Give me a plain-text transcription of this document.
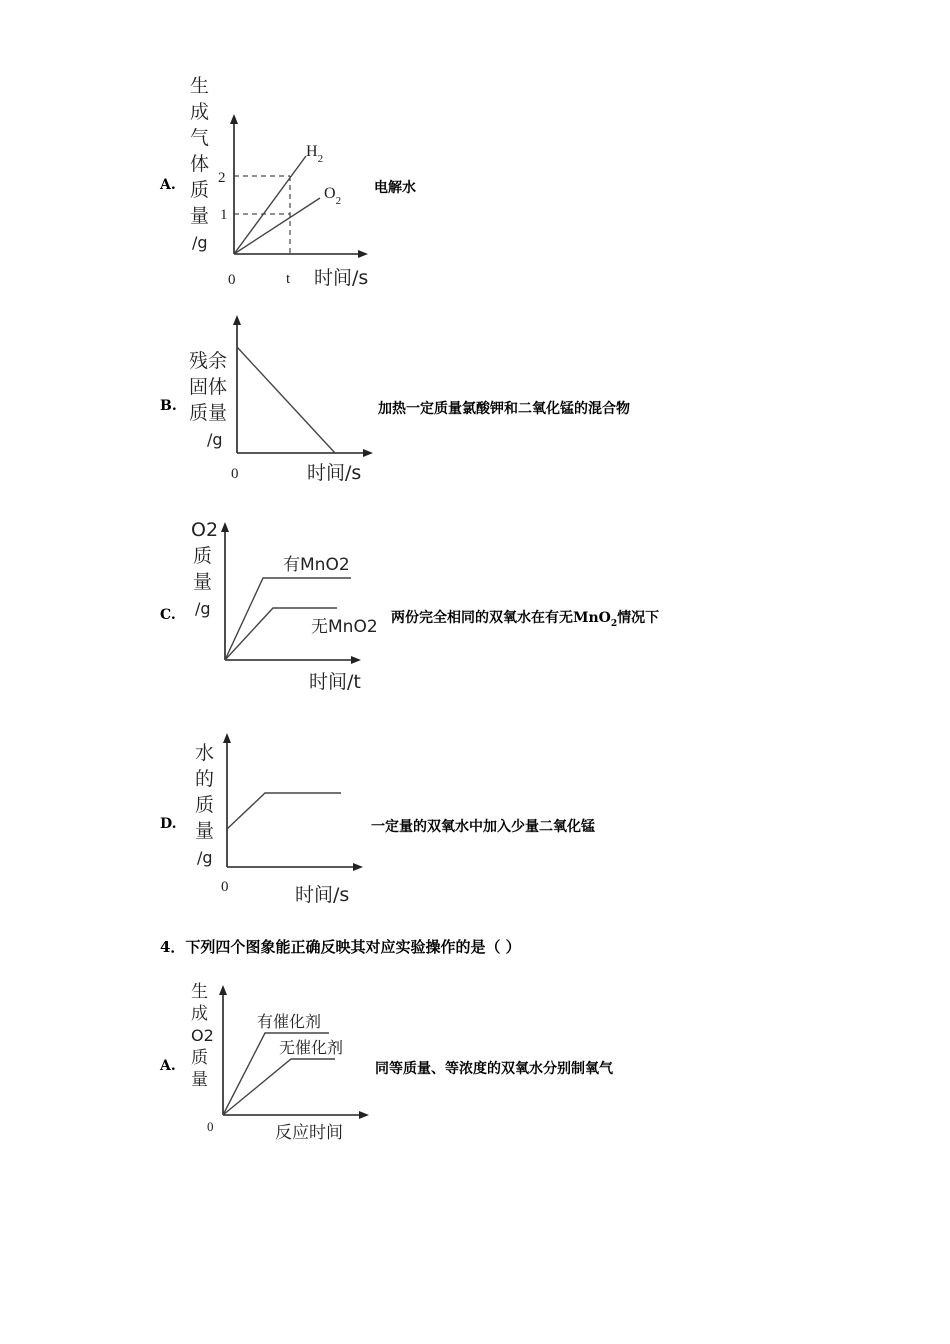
A.
生
成
气
体
质
量
/g
2
1
0	t 时间/s
$H_2$
$O_2$
电解水
B.
残余
固体
质量
/g
0	时间/s
加热一定质量氯酸钾和二氧化锰的混合物
C.
O2
质
量
/g
有MnO2
无MnO2
时间/t
两份完全相同的双氧水在有无MnO$_2$情况下
D.
水
的
质
量
/g
0	时间/s
一定量的双氧水中加入少量二氧化锰
4．下列四个图象能正确反映其对应实验操作的是（ ）
A.
生
成
O2
质
量
有催化剂
无催化剂
0	反应时间
同等质量、等浓度的双氧水分别制氧气
